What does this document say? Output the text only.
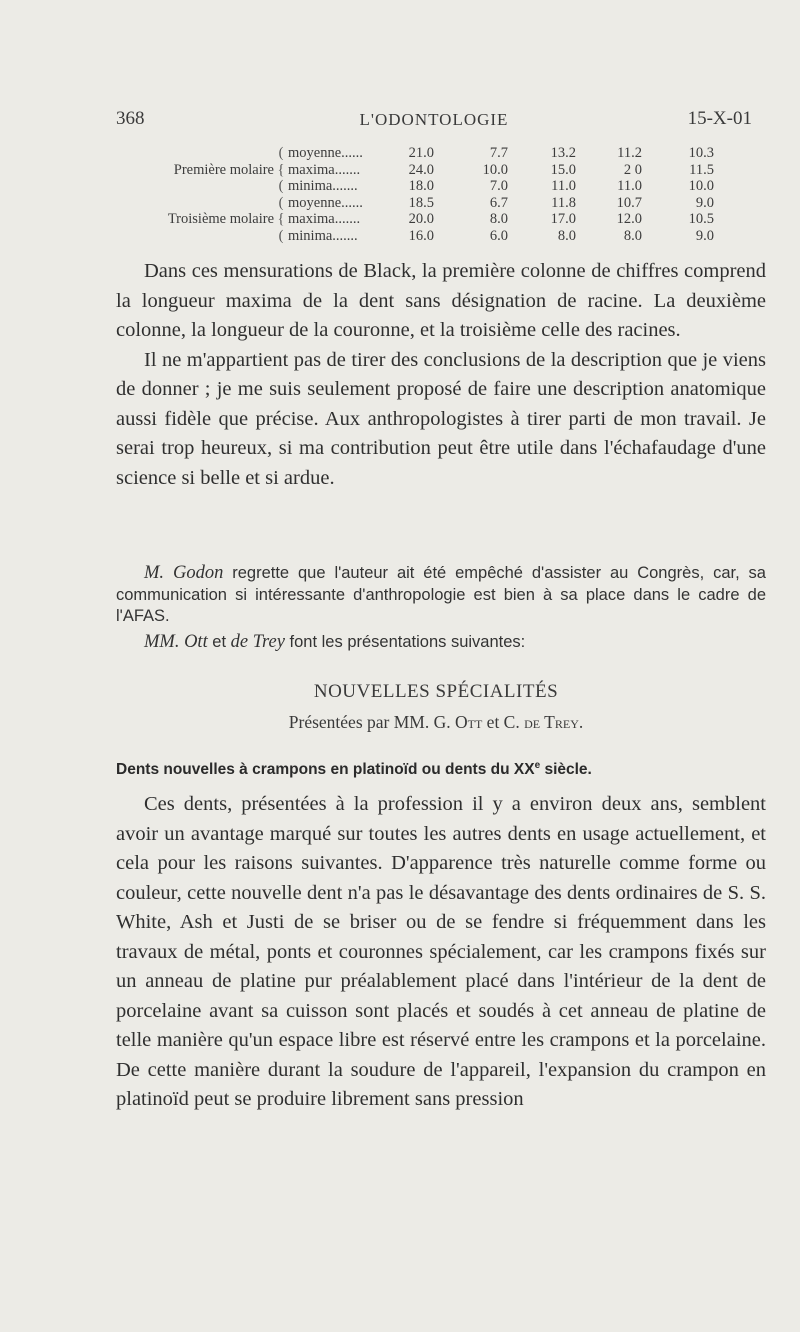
368	L'ODONTOLOGIE	15-X-01
( moyenne......	21.0	7.7	13.2	11.2	10.3
Première molaire { maxima.......	24.0	10.0	15.0	2 0	11.5
( minima.......	18.0	7.0	11.0	11.0	10.0
( moyenne......	18.5	6.7	11.8	10.7	9.0
Troisième molaire { maxima.......	20.0	8.0	17.0	12.0	10.5
( minima.......	16.0	6.0	8.0	8.0	9.0

Dans ces mensurations de Black, la première colonne de chiffres comprend la longueur maxima de la dent sans désignation de racine. La deuxième colonne, la longueur de la couronne, et la troisième celle des racines.

Il ne m'appartient pas de tirer des conclusions de la description que je viens de donner ; je me suis seulement proposé de faire une description anatomique aussi fidèle que précise. Aux anthropologistes à tirer parti de mon travail. Je serai trop heureux, si ma contribution peut être utile dans l'échafaudage d'une science si belle et si ardue.

M. Godon regrette que l'auteur ait été empêché d'assister au Congrès, car, sa communication si intéressante d'anthropologie est bien à sa place dans le cadre de l'AFAS.

MM. Ott et de Trey font les présentations suivantes:

NOUVELLES SPÉCIALITÉS
Présentées par MM. G. Ott et C. de Trey.
Dents nouvelles à crampons en platinoïd ou dents du XXe siècle.

Ces dents, présentées à la profession il y a environ deux ans, semblent avoir un avantage marqué sur toutes les autres dents en usage actuellement, et cela pour les raisons suivantes. D'apparence très naturelle comme forme ou couleur, cette nouvelle dent n'a pas le désavantage des dents ordinaires de S. S. White, Ash et Justi de se briser ou de se fendre si fréquemment dans les travaux de métal, ponts et couronnes spécialement, car les crampons fixés sur un anneau de platine pur préalablement placé dans l'intérieur de la dent de porcelaine avant sa cuisson sont placés et soudés à cet anneau de platine de telle manière qu'un espace libre est réservé entre les crampons et la porcelaine. De cette manière durant la soudure de l'appareil, l'expansion du crampon en platinoïd peut se produire librement sans pression
